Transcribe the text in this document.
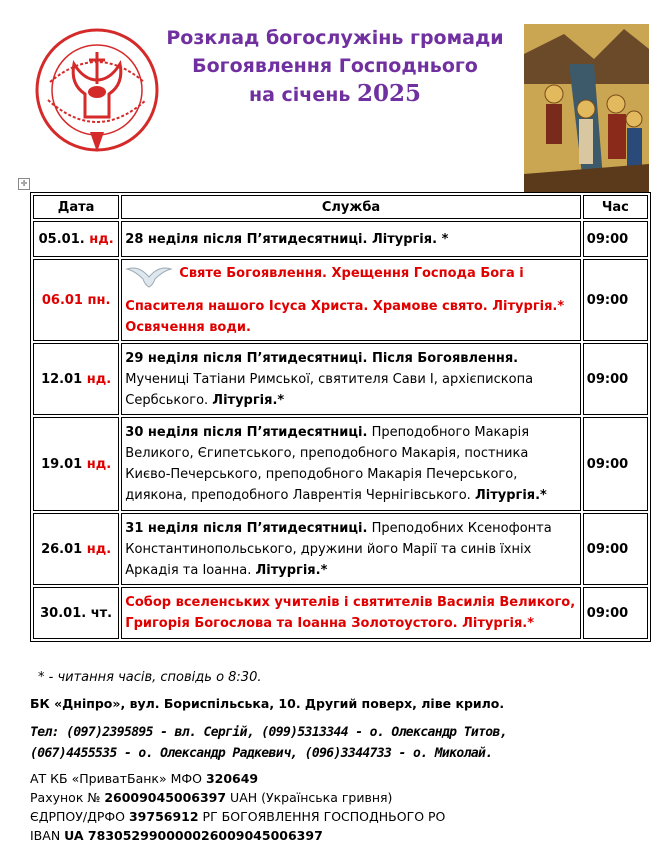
Розклад богослужінь громади
Богоявлення Господнього
на січень 2025
✛
Дата	Служба	Час
05.01. нд.	28 неділя після П’ятидесятниці. Літургія. *	09:00
06.01 пн.	Святе Богоявлення. Хрещення Господа Бога і Спасителя нашого Ісуса Христа. Храмове свято. Літургія.* Освячення води.	09:00
12.01 нд.	29 неділя після П’ятидесятниці. Після Богоявлення. Мучениці Татіани Римської, святителя Сави І, архієпископа Сербського. Літургія.*	09:00
19.01 нд.	30 неділя після П’ятидесятниці. Преподобного Макарія Великого, Єгипетського, преподобного Макарія, постника Києво-Печерського, преподобного Макарія Печерського, диякона, преподобного Лаврентія Чернігівського. Літургія.*	09:00
26.01 нд.	31 неділя після П’ятидесятниці. Преподобних Ксенофонта Константинопольського, дружини його Марії та синів їхніх Аркадія та Іоанна. Літургія.*	09:00
30.01. чт.	Собор вселенських учителів і святителів Василія Великого, Григорія Богослова та Іоанна Золотоустого. Літургія.*	09:00
* - читання часів, сповідь о 8:30.
БК «Дніпро», вул. Бориспільська, 10. Другий поверх, ліве крило.
Тел: (097)2395895 - вл. Сергій, (099)5313344 - о. Олександр Титов,
(067)4455535 - о. Олександр Радкевич, (096)3344733 - о. Миколай.
АТ КБ «ПриватБанк» МФО 320649
Рахунок № 26009045006397 UAH (Українська гривня)
ЄДРПОУ/ДРФО 39756912 РГ БОГОЯВЛЕННЯ ГОСПОДНЬОГО РО
IBAN UA 783052990000026009045006397
